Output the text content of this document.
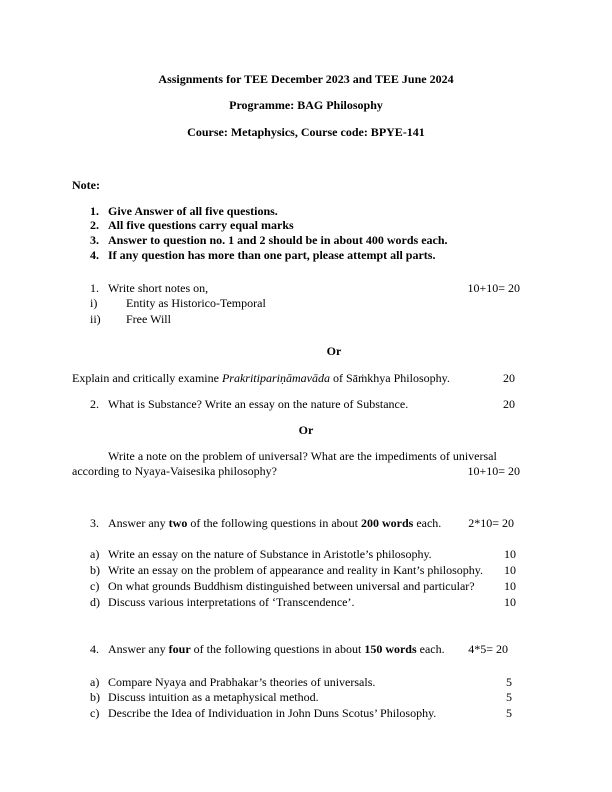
Assignments for TEE December 2023 and TEE June 2024
Programme: BAG Philosophy
Course: Metaphysics, Course code: BPYE-141
Note:
1. Give Answer of all five questions.
2. All five questions carry equal marks
3. Answer to question no. 1 and 2 should be in about 400 words each.
4. If any question has more than one part, please attempt all parts.
1. Write short notes on,	10+10= 20
i) Entity as Historico-Temporal
ii) Free Will
Or
Explain and critically examine Prakritipariṇāmavāda of Sāṁkhya Philosophy.	20
2. What is Substance? Write an essay on the nature of Substance.	20
Or
Write a note on the problem of universal? What are the impediments of universal
according to Nyaya-Vaisesika philosophy?	10+10= 20
3. Answer any two of the following questions in about 200 words each.	2*10= 20
a) Write an essay on the nature of Substance in Aristotle’s philosophy.	10
b) Write an essay on the problem of appearance and reality in Kant’s philosophy.	10
c) On what grounds Buddhism distinguished between universal and particular?	10
d) Discuss various interpretations of ‘Transcendence’.	10
4. Answer any four of the following questions in about 150 words each.	4*5= 20
a) Compare Nyaya and Prabhakar’s theories of universals.	5
b) Discuss intuition as a metaphysical method.	5
c) Describe the Idea of Individuation in John Duns Scotus’ Philosophy.	5
